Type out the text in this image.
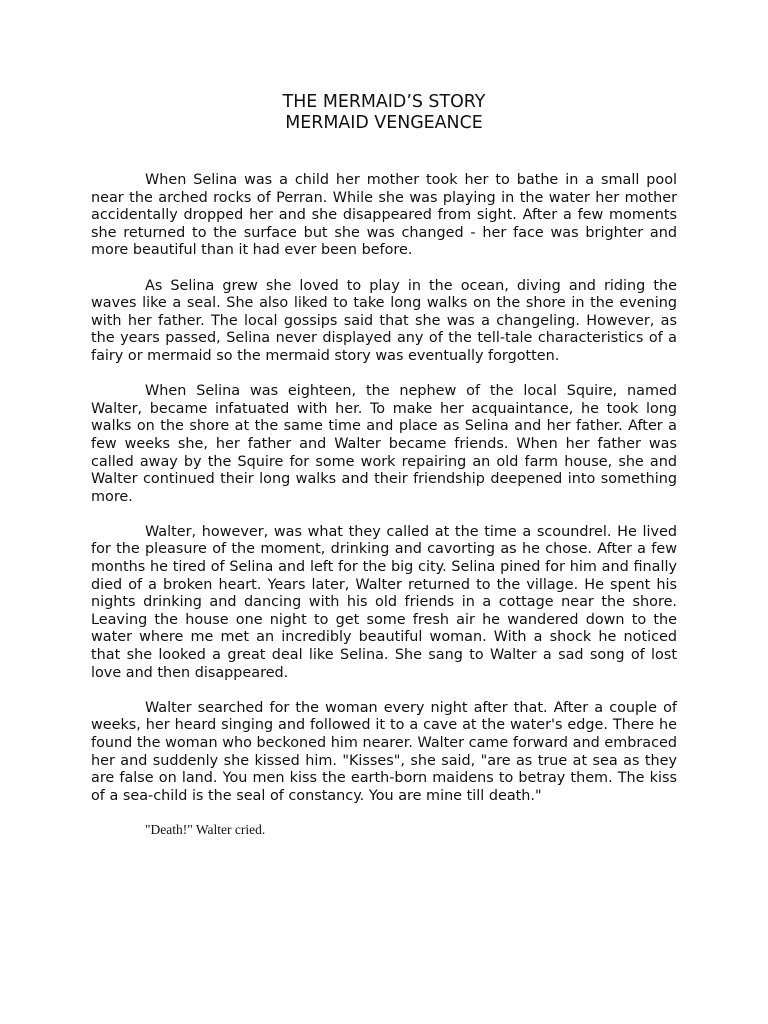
THE MERMAID’S STORY
MERMAID VENGEANCE

When Selina was a child her mother took her to bathe in a small pool near the arched rocks of Perran. While she was playing in the water her mother accidentally dropped her and she disappeared from sight. After a few moments she returned to the surface but she was changed - her face was brighter and more beautiful than it had ever been before.

As Selina grew she loved to play in the ocean, diving and riding the waves like a seal. She also liked to take long walks on the shore in the evening with her father. The local gossips said that she was a changeling. However, as the years passed, Selina never displayed any of the tell-tale characteristics of a fairy or mermaid so the mermaid story was eventually forgotten.

When Selina was eighteen, the nephew of the local Squire, named Walter, became infatuated with her. To make her acquaintance, he took long walks on the shore at the same time and place as Selina and her father. After a few weeks she, her father and Walter became friends. When her father was called away by the Squire for some work repairing an old farm house, she and Walter continued their long walks and their friendship deepened into something more.

Walter, however, was what they called at the time a scoundrel. He lived for the pleasure of the moment, drinking and cavorting as he chose. After a few months he tired of Selina and left for the big city. Selina pined for him and finally died of a broken heart. Years later, Walter returned to the village. He spent his nights drinking and dancing with his old friends in a cottage near the shore. Leaving the house one night to get some fresh air he wandered down to the water where me met an incredibly beautiful woman. With a shock he noticed that she looked a great deal like Selina. She sang to Walter a sad song of lost love and then disappeared.

Walter searched for the woman every night after that. After a couple of weeks, her heard singing and followed it to a cave at the water's edge. There he found the woman who beckoned him nearer. Walter came forward and embraced her and suddenly she kissed him. "Kisses", she said, "are as true at sea as they are false on land. You men kiss the earth-born maidens to betray them. The kiss of a sea-child is the seal of constancy. You are mine till death."

"Death!" Walter cried.
